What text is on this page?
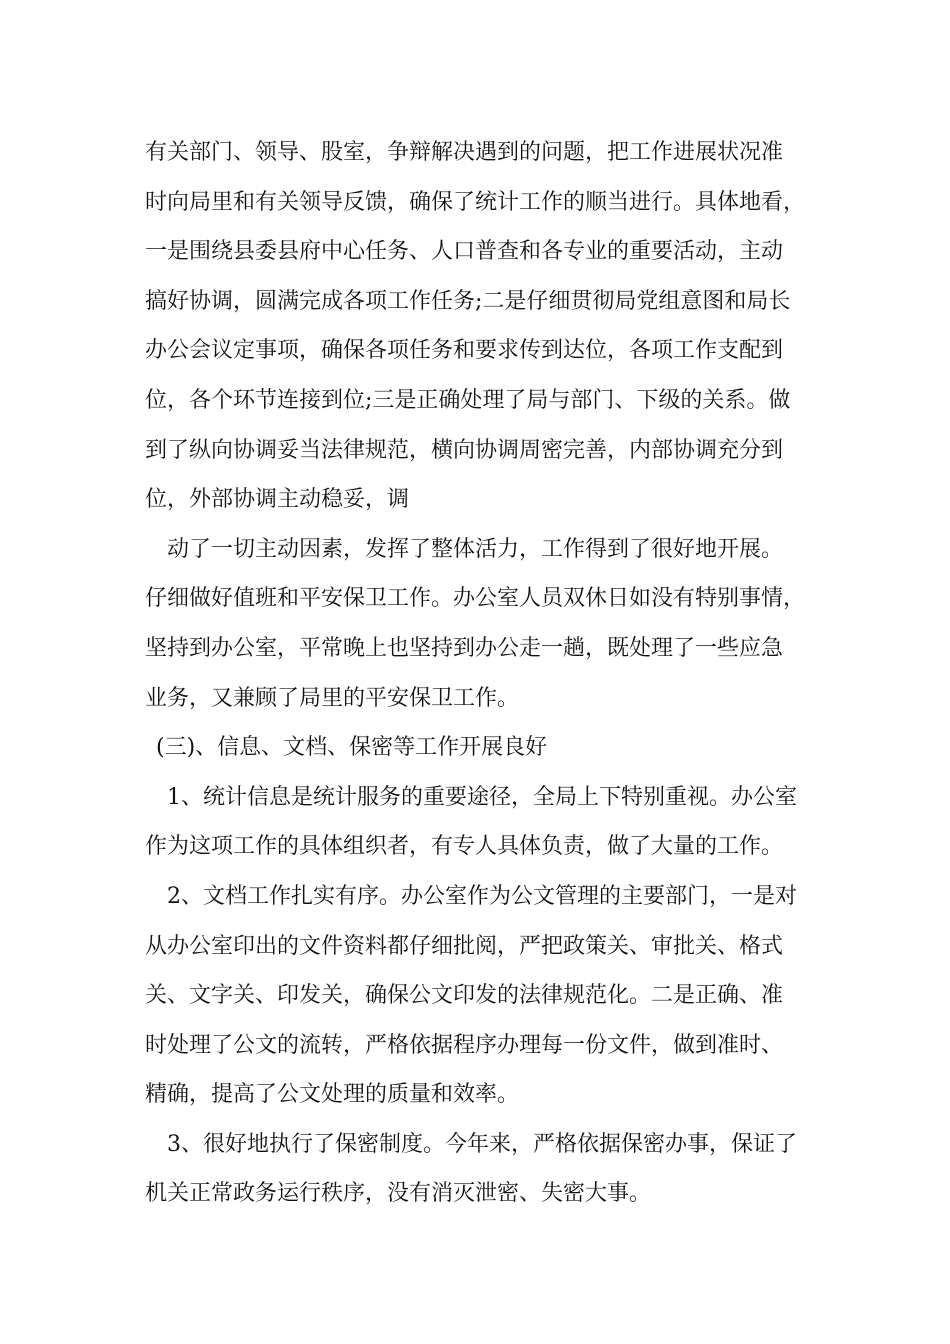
有关部门、领导、股室，争辩解决遇到的问题，把工作进展状况准

时向局里和有关领导反馈，确保了统计工作的顺当进行。具体地看，

一是围绕县委县府中心任务、人口普查和各专业的重要活动，主动

搞好协调，圆满完成各项工作任务;二是仔细贯彻局党组意图和局长

办公会议定事项，确保各项任务和要求传到达位，各项工作支配到

位，各个环节连接到位;三是正确处理了局与部门、下级的关系。做

到了纵向协调妥当法律规范，横向协调周密完善，内部协调充分到

位，外部协调主动稳妥，调

动了一切主动因素，发挥了整体活力，工作得到了很好地开展。

仔细做好值班和平安保卫工作。办公室人员双休日如没有特别事情，

坚持到办公室，平常晚上也坚持到办公走一趟，既处理了一些应急

业务，又兼顾了局里的平安保卫工作。

(三)、信息、文档、保密等工作开展良好

1、统计信息是统计服务的重要途径，全局上下特别重视。办公室

作为这项工作的具体组织者，有专人具体负责，做了大量的工作。

2、文档工作扎实有序。办公室作为公文管理的主要部门，一是对

从办公室印出的文件资料都仔细批阅，严把政策关、审批关、格式

关、文字关、印发关，确保公文印发的法律规范化。二是正确、准

时处理了公文的流转，严格依据程序办理每一份文件，做到准时、

精确，提高了公文处理的质量和效率。

3、很好地执行了保密制度。今年来，严格依据保密办事，保证了

机关正常政务运行秩序，没有消灭泄密、失密大事。
